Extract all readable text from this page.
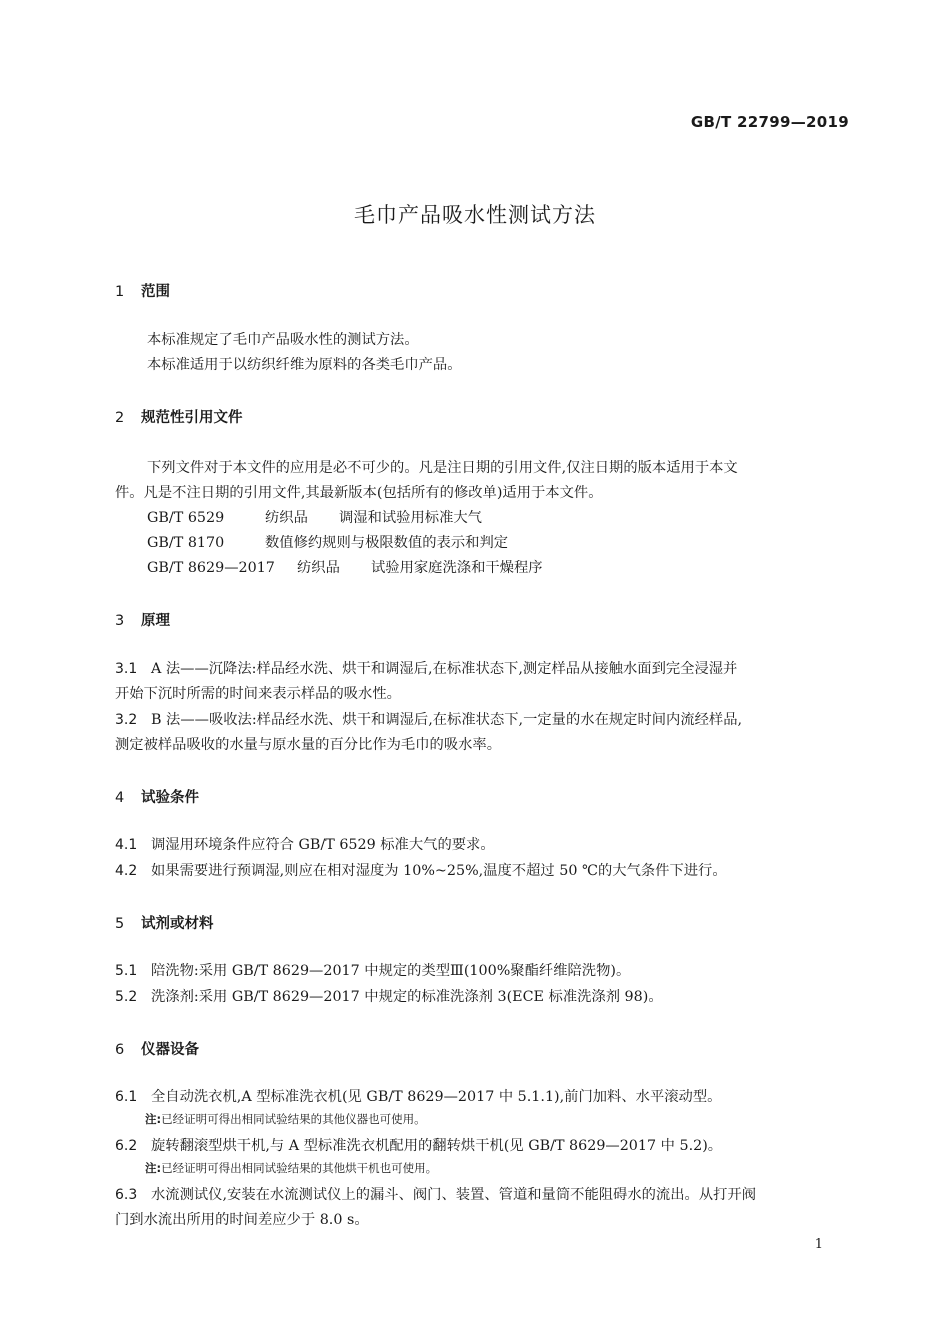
GB/T 22799—2019
毛巾产品吸水性测试方法
1 范围
本标准规定了毛巾产品吸水性的测试方法。
本标准适用于以纺织纤维为原料的各类毛巾产品。
2 规范性引用文件
下列文件对于本文件的应用是必不可少的。凡是注日期的引用文件,仅注日期的版本适用于本文
件。凡是不注日期的引用文件,其最新版本(包括所有的修改单)适用于本文件。
GB/T 6529	纺织品 调湿和试验用标准大气
GB/T 8170	数值修约规则与极限数值的表示和判定
GB/T 8629—2017 纺织品 试验用家庭洗涤和干燥程序
3 原理
3.1 A 法——沉降法:样品经水洗、烘干和调湿后,在标准状态下,测定样品从接触水面到完全浸湿并
开始下沉时所需的时间来表示样品的吸水性。
3.2 B 法——吸收法:样品经水洗、烘干和调湿后,在标准状态下,一定量的水在规定时间内流经样品,
测定被样品吸收的水量与原水量的百分比作为毛巾的吸水率。
4 试验条件
4.1 调湿用环境条件应符合 GB/T 6529 标准大气的要求。
4.2 如果需要进行预调湿,则应在相对湿度为 10%~25%,温度不超过 50 ℃的大气条件下进行。
5 试剂或材料
5.1 陪洗物:采用 GB/T 8629—2017 中规定的类型Ⅲ(100%聚酯纤维陪洗物)。
5.2 洗涤剂:采用 GB/T 8629—2017 中规定的标准洗涤剂 3(ECE 标准洗涤剂 98)。
6 仪器设备
6.1 全自动洗衣机,A 型标准洗衣机(见 GB/T 8629—2017 中 5.1.1),前门加料、水平滚动型。
注:已经证明可得出相同试验结果的其他仪器也可使用。
6.2 旋转翻滚型烘干机,与 A 型标准洗衣机配用的翻转烘干机(见 GB/T 8629—2017 中 5.2)。
注:已经证明可得出相同试验结果的其他烘干机也可使用。
6.3 水流测试仪,安装在水流测试仪上的漏斗、阀门、装置、管道和量筒不能阻碍水的流出。从打开阀
门到水流出所用的时间差应少于 8.0 s。
1
